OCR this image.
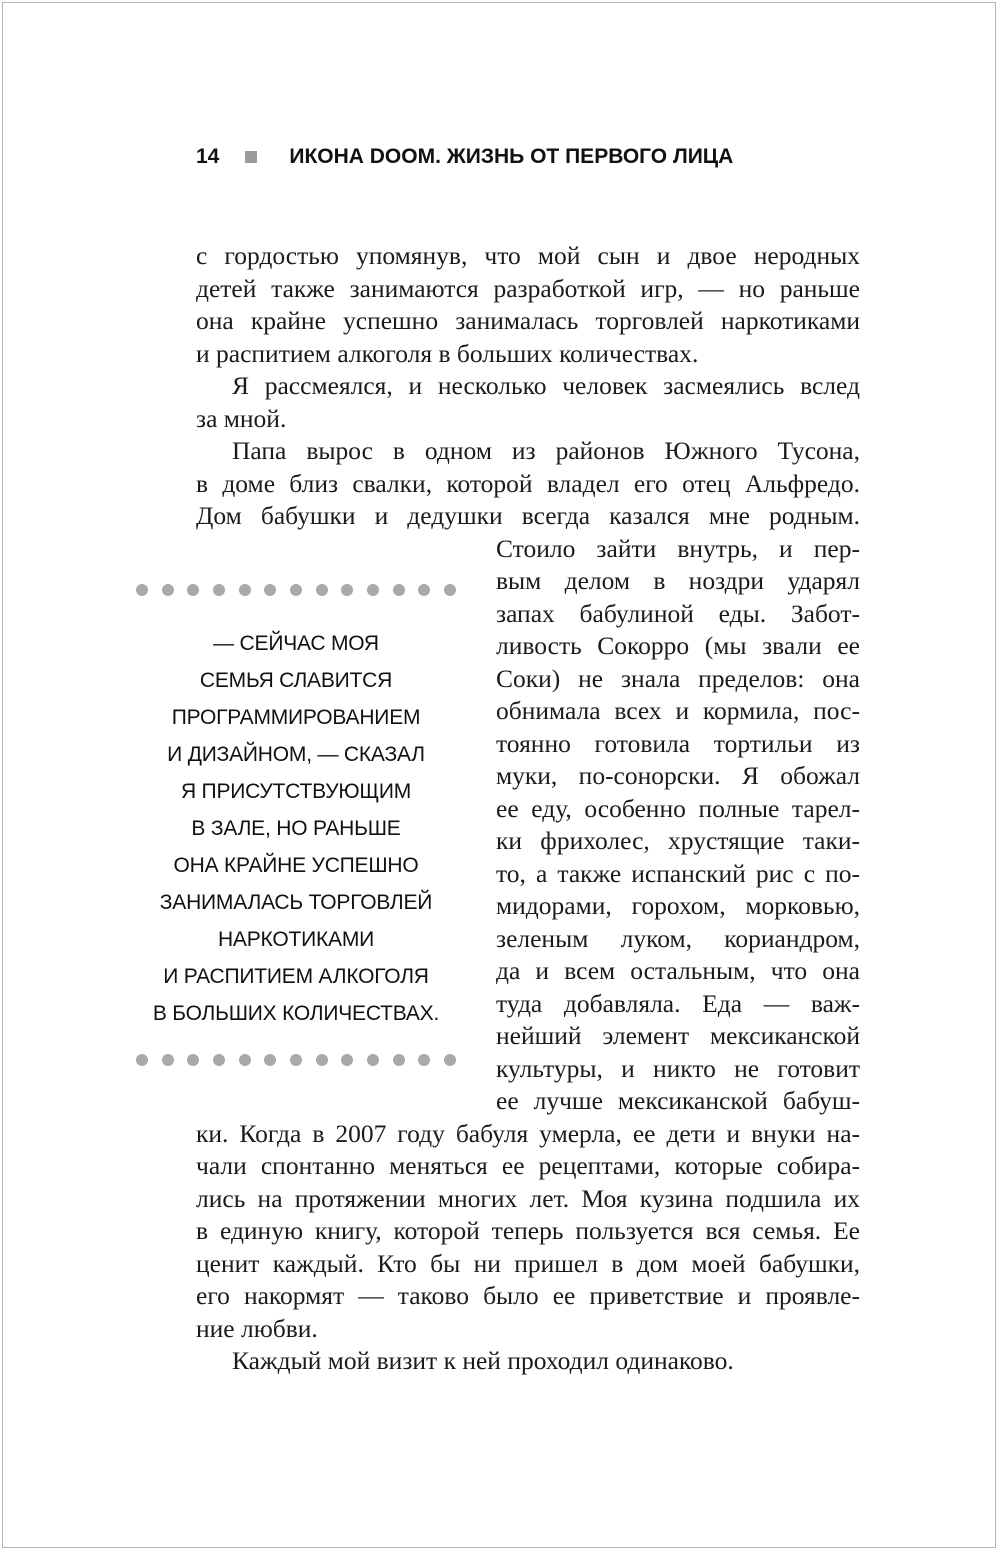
14	ИКОНА DOOM. ЖИЗНЬ ОТ ПЕРВОГО ЛИЦА
с гордостью упомянув, что мой сын и двое неродных
детей также занимаются разработкой игр, — но раньше
она крайне успешно занималась торговлей наркотиками
и распитием алкоголя в больших количествах.
Я рассмеялся, и несколько человек засмеялись вслед
за мной.
Папа вырос в одном из районов Южного Тусона,
в доме близ свалки, которой владел его отец Альфредо.
Дом бабушки и дедушки всегда казался мне родным.
Стоило зайти внутрь, и пер-
вым делом в ноздри ударял
запах бабулиной еды. Забот-
ливость Сокорро (мы звали ее
Соки) не знала пределов: она
обнимала всех и кормила, пос-
тоянно готовила тортильи из
муки, по-сонорски. Я обожал
ее еду, особенно полные тарел-
ки фрихолес, хрустящие таки-
то, а также испанский рис с по-
мидорами, горохом, морковью,
зеленым луком, кориандром,
да и всем остальным, что она
туда добавляла. Еда — важ-
нейший элемент мексиканской
культуры, и никто не готовит
ее лучше мексиканской бабуш-
ки. Когда в 2007 году бабуля умерла, ее дети и внуки на-
чали спонтанно меняться ее рецептами, которые собира-
лись на протяжении многих лет. Моя кузина подшила их
в единую книгу, которой теперь пользуется вся семья. Ее
ценит каждый. Кто бы ни пришел в дом моей бабушки,
его накормят — таково было ее приветствие и проявле-
ние любви.
Каждый мой визит к ней проходил одинаково.
— СЕЙЧАС МОЯ
СЕМЬЯ СЛАВИТСЯ
ПРОГРАММИРОВАНИЕМ
И ДИЗАЙНОМ, — СКАЗАЛ
Я ПРИСУТСТВУЮЩИМ
В ЗАЛЕ, НО РАНЬШЕ
ОНА КРАЙНЕ УСПЕШНО
ЗАНИМАЛАСЬ ТОРГОВЛЕЙ
НАРКОТИКАМИ
И РАСПИТИЕМ АЛКОГОЛЯ
В БОЛЬШИХ КОЛИЧЕСТВАХ.
